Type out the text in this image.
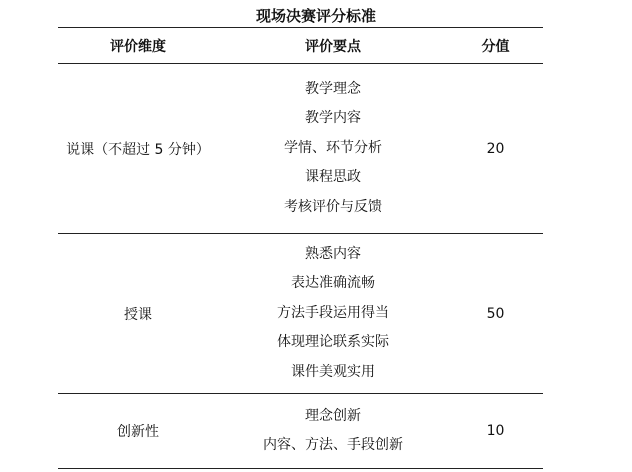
现场决赛评分标准
评价维度	评价要点	分值
说课（不超过 5 分钟）	教学理念
教学内容
学情、环节分析
课程思政
考核评价与反馈	20
授课	熟悉内容
表达准确流畅
方法手段运用得当
体现理论联系实际
课件美观实用	50
创新性	理念创新
内容、方法、手段创新	10
